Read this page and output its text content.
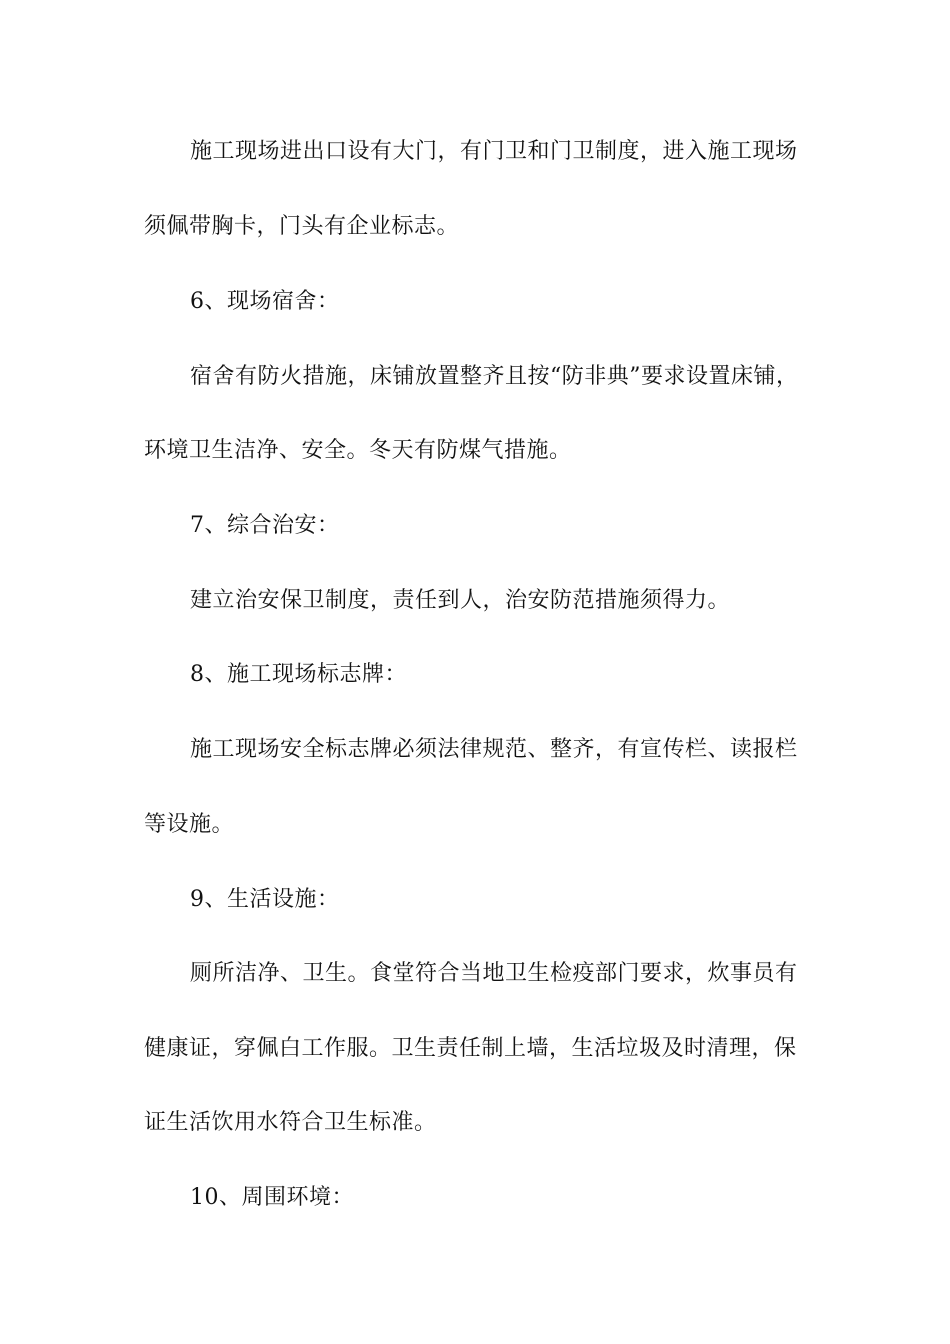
施工现场进出口设有大门，有门卫和门卫制度，进入施工现场
须佩带胸卡，门头有企业标志。
6、现场宿舍：
宿舍有防火措施，床铺放置整齐且按“防非典”要求设置床铺，
环境卫生洁净、安全。冬天有防煤气措施。
7、综合治安：
建立治安保卫制度，责任到人，治安防范措施须得力。
8、施工现场标志牌：
施工现场安全标志牌必须法律规范、整齐，有宣传栏、读报栏
等设施。
9、生活设施：
厕所洁净、卫生。食堂符合当地卫生检疫部门要求，炊事员有
健康证，穿佩白工作服。卫生责任制上墙，生活垃圾及时清理，保
证生活饮用水符合卫生标准。
10、周围环境：
